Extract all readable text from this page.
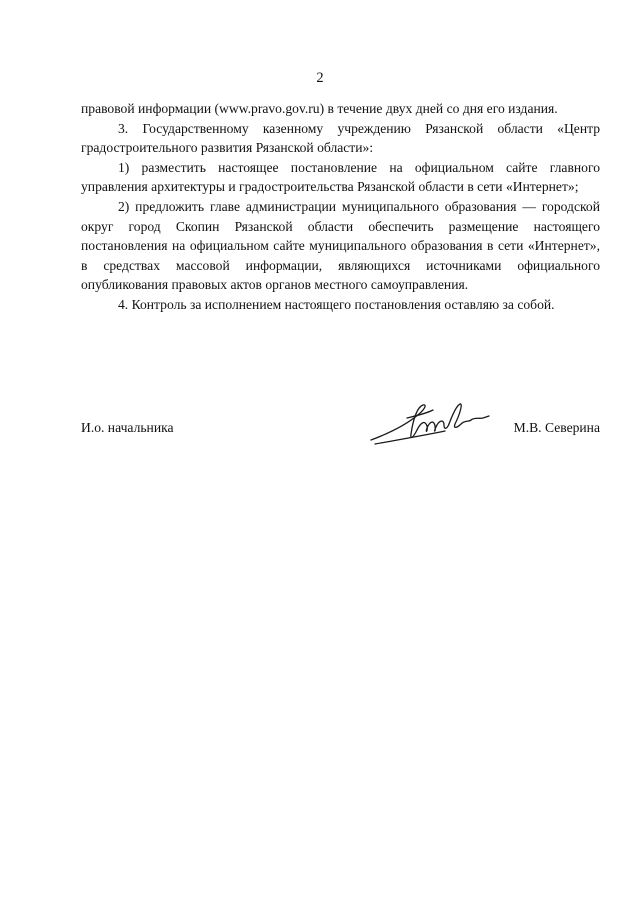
2

правовой информации (www.pravo.gov.ru) в течение двух дней со дня его издания.

3. Государственному казенному учреждению Рязанской области «Центр градостроительного развития Рязанской области»:

1) разместить настоящее постановление на официальном сайте главного управления архитектуры и градостроительства Рязанской области в сети «Интернет»;

2) предложить главе администрации муниципального образования — городской округ город Скопин Рязанской области обеспечить размещение настоящего постановления на официальном сайте муниципального образования в сети «Интернет», в средствах массовой информации, являющихся источниками официального опубликования правовых актов органов местного самоуправления.

4. Контроль за исполнением настоящего постановления оставляю за собой.

И.о. начальника	М.В. Северина
